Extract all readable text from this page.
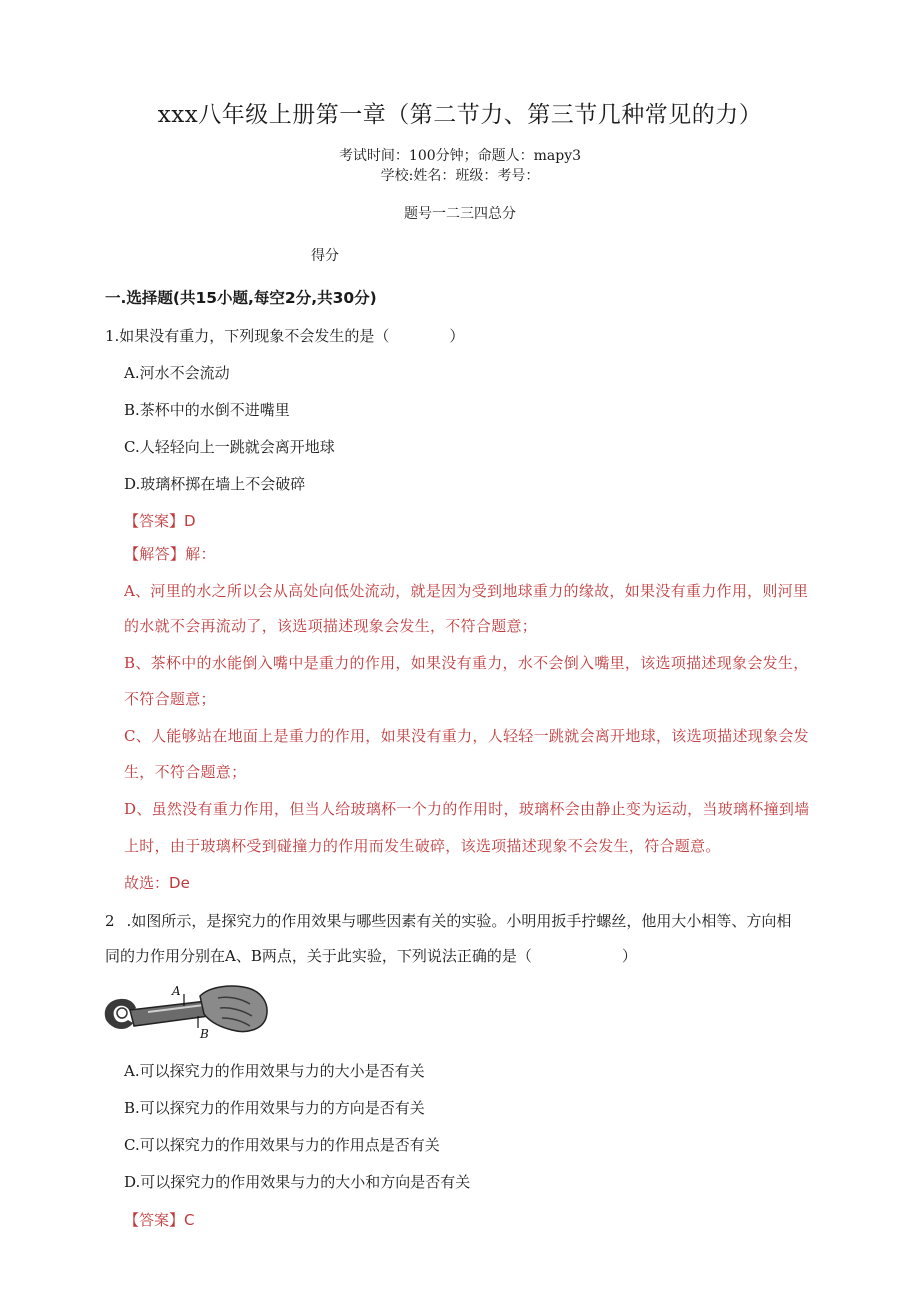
xxx八年级上册第一章（第二节力、第三节几种常见的力）
考试时间：100分钟；命题人：mapy3
学校:姓名：班级：考号：
题号一二三四总分
得分
一.选择题(共15小题,每空2分,共30分)
1.如果没有重力，下列现象不会发生的是（　　　　）
A.河水不会流动
B.茶杯中的水倒不进嘴里
C.人轻轻向上一跳就会离开地球
D.玻璃杯掷在墙上不会破碎
【答案】D
【解答】解：
A、河里的水之所以会从高处向低处流动，就是因为受到地球重力的缘故，如果没有重力作用，则河里
的水就不会再流动了，该选项描述现象会发生，不符合题意；
B、茶杯中的水能倒入嘴中是重力的作用，如果没有重力，水不会倒入嘴里，该选项描述现象会发生，
不符合题意；
C、人能够站在地面上是重力的作用，如果没有重力，人轻轻一跳就会离开地球，该选项描述现象会发
生，不符合题意；
D、虽然没有重力作用，但当人给玻璃杯一个力的作用时，玻璃杯会由静止变为运动，当玻璃杯撞到墙
上时，由于玻璃杯受到碰撞力的作用而发生破碎，该选项描述现象不会发生，符合题意。
故选：De
2 .如图所示，是探究力的作用效果与哪些因素有关的实验。小明用扳手拧螺丝，他用大小相等、方向相
同的力作用分别在A、B两点，关于此实验，下列说法正确的是（　　　　　　）
A
B
A.可以探究力的作用效果与力的大小是否有关
B.可以探究力的作用效果与力的方向是否有关
C.可以探究力的作用效果与力的作用点是否有关
D.可以探究力的作用效果与力的大小和方向是否有关
【答案】C
